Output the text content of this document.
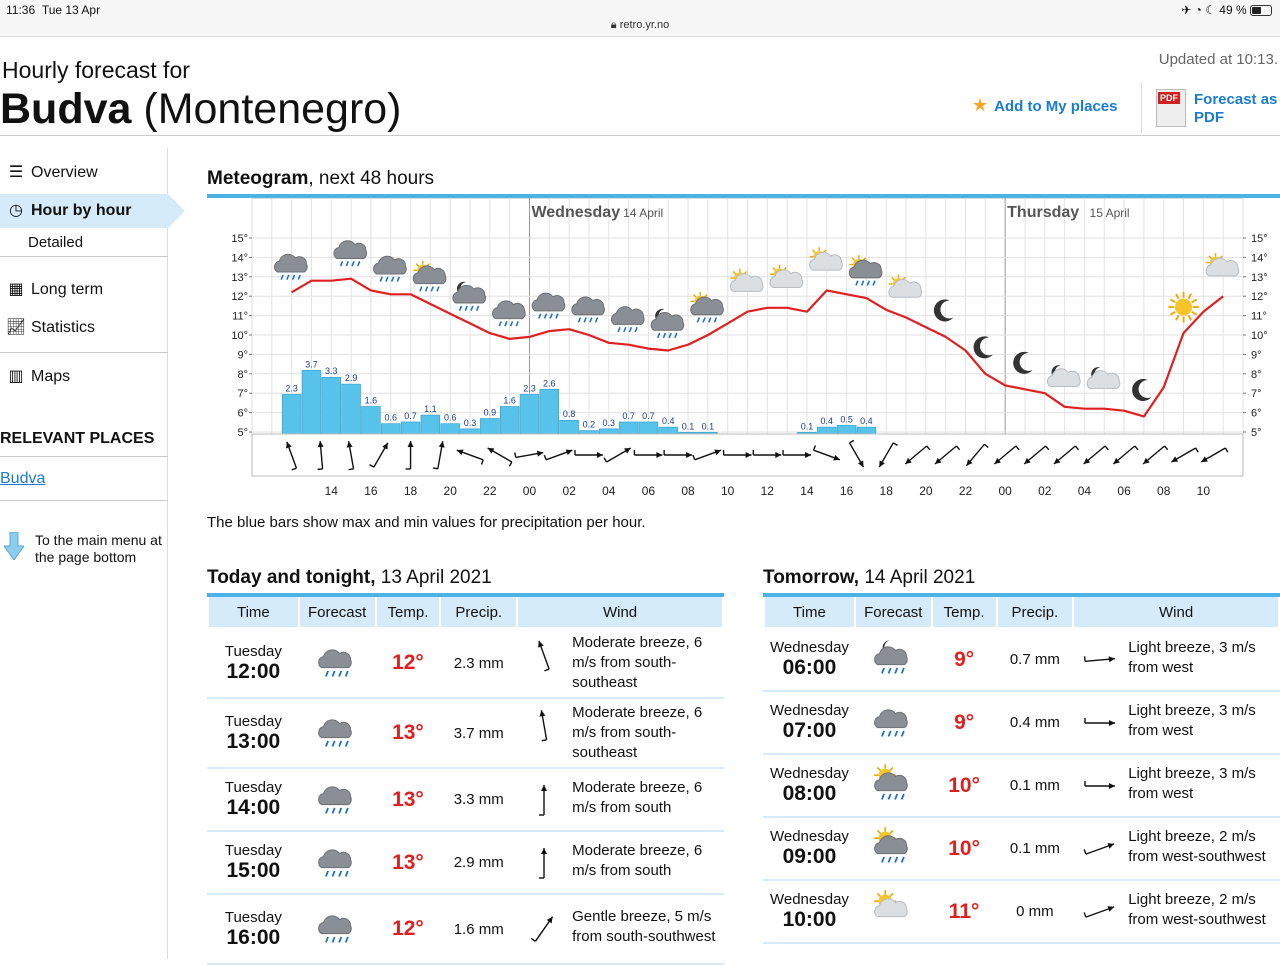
11:36 Tue 13 Apr
🔒︎ retro.yr.no
✈ ◔ ☾ 49 %
Hourly forecast for
Budva (Montenegro)
Updated at 10:13.
★ Add to My places	PDF Forecast as PDF
☰ Overview
◷ Hour by hour
Detailed
▦ Long term
📈︎ Statistics
▥ Maps
RELEVANT PLACES
Budva
To the main menu at the page bottom
Meteogram, next 48 hours
15°	15°
14°	14°
13°	13°
12°	12°
11°	11°
10°	10°
9°	9°
8°	8°
7°	7°
6°	6°
5°	5°
Wednesday 14 April	Thursday 15 April
2.3
3.7
3.3
2.9
1.6
0.6 0.7
1.1
0.6
0.3
0.9
1.6
2.3
2.6
0.8
0.2 0.3
0.7 0.7
0.4
0.1 0.1	0.1
0.4 0.5 0.4
14 16 18 20 22 00 02 04 06 08 10 12 14 16 18 20 22 00 02 04 06 08 10
The blue bars show max and min values for precipitation per hour.
Today and tonight, 13 April 2021
Time	Forecast	Temp.	Precip.	Wind

Tuesday
12:00		12°	2.3 mm	Moderate breeze, 6 m/s from south-southeast

Tuesday
13:00		13°	3.7 mm	Moderate breeze, 6 m/s from south-southeast

Tuesday
14:00		13°	3.3 mm	Moderate breeze, 6 m/s from south

Tuesday
15:00		13°	2.9 mm	Moderate breeze, 6 m/s from south

Tuesday
16:00		12°	1.6 mm	Gentle breeze, 5 m/s from south-southwest
Tomorrow, 14 April 2021
Time	Forecast	Temp.	Precip.	Wind

Wednesday
06:00		9°	0.7 mm	Light breeze, 3 m/s from west

Wednesday
07:00		9°	0.4 mm	Light breeze, 3 m/s from west

Wednesday
08:00		10°	0.1 mm	Light breeze, 3 m/s from west

Wednesday
09:00		10°	0.1 mm	Light breeze, 2 m/s from west-southwest

Wednesday
10:00		11°	0 mm	Light breeze, 2 m/s from west-southwest
